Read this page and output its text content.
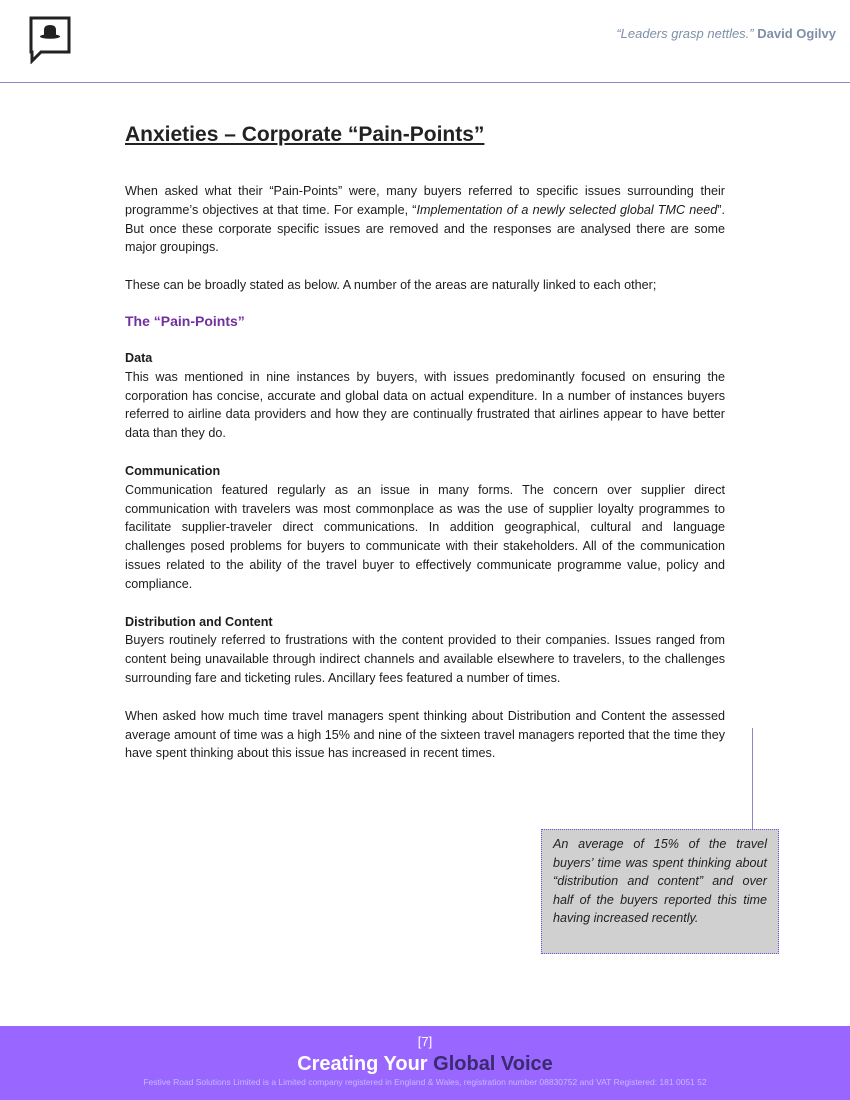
“Leaders grasp nettles.” David Ogilvy
Anxieties – Corporate “Pain-Points”

When asked what their “Pain-Points” were, many buyers referred to specific issues surrounding their programme’s objectives at that time. For example, “Implementation of a newly selected global TMC need”. But once these corporate specific issues are removed and the responses are analysed there are some major groupings.

These can be broadly stated as below. A number of the areas are naturally linked to each other;

The “Pain-Points”
Data

This was mentioned in nine instances by buyers, with issues predominantly focused on ensuring the corporation has concise, accurate and global data on actual expenditure. In a number of instances buyers referred to airline data providers and how they are continually frustrated that airlines appear to have better data than they do.

Communication

Communication featured regularly as an issue in many forms. The concern over supplier direct communication with travelers was most commonplace as was the use of supplier loyalty programmes to facilitate supplier-traveler direct communications. In addition geographical, cultural and language challenges posed problems for buyers to communicate with their stakeholders. All of the communication issues related to the ability of the travel buyer to effectively communicate programme value, policy and compliance.

Distribution and Content

Buyers routinely referred to frustrations with the content provided to their companies. Issues ranged from content being unavailable through indirect channels and available elsewhere to travelers, to the challenges surrounding fare and ticketing rules. Ancillary fees featured a number of times.

When asked how much time travel managers spent thinking about Distribution and Content the assessed average amount of time was a high 15% and nine of the sixteen travel managers reported that the time they have spent thinking about this issue has increased in recent times.

An average of 15% of the travel buyers’ time was spent thinking about “distribution and content” and over half of the buyers reported this time having increased recently.
[7]
Creating Your Global Voice
Festive Road Solutions Limited is a Limited company registered in England & Wales, registration number 08830752 and VAT Registered: 181 0051 52
